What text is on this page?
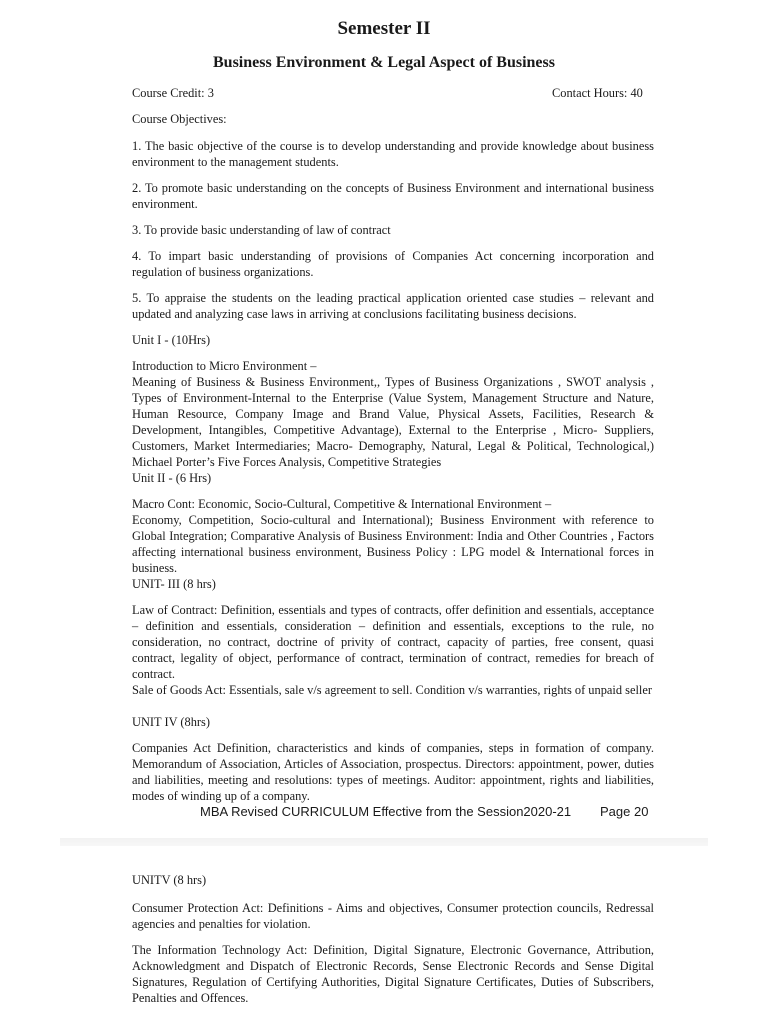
Semester II
Business Environment & Legal Aspect of Business
Course Credit: 3	Contact Hours: 40
Course Objectives:
1. The basic objective of the course is to develop understanding and provide knowledge about business environment to the management students.
2. To promote basic understanding on the concepts of Business Environment and international business environment.
3. To provide basic understanding of law of contract
4. To impart basic understanding of provisions of Companies Act concerning incorporation and regulation of business organizations.
5. To appraise the students on the leading practical application oriented case studies – relevant and updated and analyzing case laws in arriving at conclusions facilitating business decisions.
Unit I - (10Hrs)
Introduction to Micro Environment –
Meaning of Business & Business Environment,, Types of Business Organizations , SWOT analysis , Types of Environment-Internal to the Enterprise (Value System, Management Structure and Nature, Human Resource, Company Image and Brand Value, Physical Assets, Facilities, Research & Development, Intangibles, Competitive Advantage), External to the Enterprise , Micro- Suppliers, Customers, Market Intermediaries; Macro- Demography, Natural, Legal & Political, Technological,) Michael Porter’s Five Forces Analysis, Competitive Strategies
Unit II - (6 Hrs)
Macro Cont: Economic, Socio-Cultural, Competitive & International Environment –
Economy, Competition, Socio-cultural and International); Business Environment with reference to Global Integration; Comparative Analysis of Business Environment: India and Other Countries , Factors affecting international business environment, Business Policy : LPG model & International forces in business.
UNIT- III (8 hrs)
Law of Contract: Definition, essentials and types of contracts, offer definition and essentials, acceptance – definition and essentials, consideration – definition and essentials, exceptions to the rule, no consideration, no contract, doctrine of privity of contract, capacity of parties, free consent, quasi contract, legality of object, performance of contract, termination of contract, remedies for breach of contract.
Sale of Goods Act: Essentials, sale v/s agreement to sell. Condition v/s warranties, rights of unpaid seller
UNIT IV (8hrs)
Companies Act Definition, characteristics and kinds of companies, steps in formation of company. Memorandum of Association, Articles of Association, prospectus. Directors: appointment, power, duties and liabilities, meeting and resolutions: types of meetings. Auditor: appointment, rights and liabilities, modes of winding up of a company.
MBA Revised CURRICULUM Effective from the Session2020-21 Page 20
UNITV (8 hrs)
Consumer Protection Act: Definitions - Aims and objectives, Consumer protection councils, Redressal agencies and penalties for violation.
The Information Technology Act: Definition, Digital Signature, Electronic Governance, Attribution, Acknowledgment and Dispatch of Electronic Records, Sense Electronic Records and Sense Digital Signatures, Regulation of Certifying Authorities, Digital Signature Certificates, Duties of Subscribers, Penalties and Offences.
